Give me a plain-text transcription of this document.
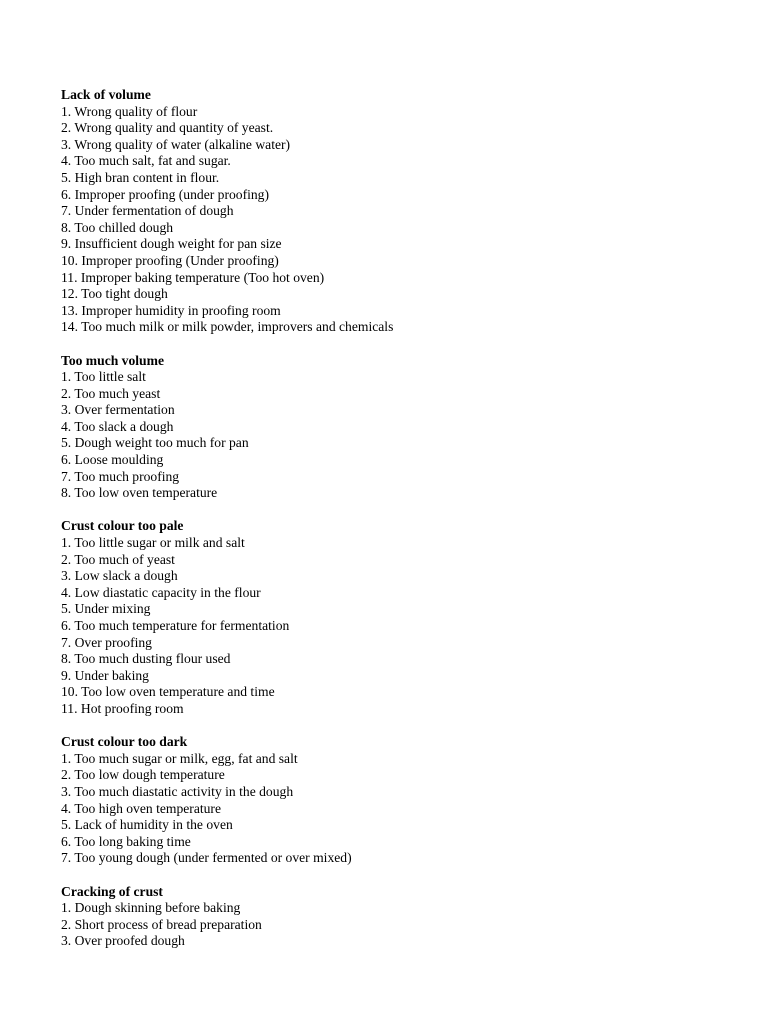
Lack of volume
1. Wrong quality of flour
2. Wrong quality and quantity of yeast.
3. Wrong quality of water (alkaline water)
4. Too much salt, fat and sugar.
5. High bran content in flour.
6. Improper proofing (under proofing)
7. Under fermentation of dough
8. Too chilled dough
9. Insufficient dough weight for pan size
10. Improper proofing (Under proofing)
11. Improper baking temperature (Too hot oven)
12. Too tight dough
13. Improper humidity in proofing room
14. Too much milk or milk powder, improvers and chemicals
Too much volume
1. Too little salt
2. Too much yeast
3. Over fermentation
4. Too slack a dough
5. Dough weight too much for pan
6. Loose moulding
7. Too much proofing
8. Too low oven temperature
Crust colour too pale
1. Too little sugar or milk and salt
2. Too much of yeast
3. Low slack a dough
4. Low diastatic capacity in the flour
5. Under mixing
6. Too much temperature for fermentation
7. Over proofing
8. Too much dusting flour used
9. Under baking
10. Too low oven temperature and time
11. Hot proofing room
Crust colour too dark
1. Too much sugar or milk, egg, fat and salt
2. Too low dough temperature
3. Too much diastatic activity in the dough
4. Too high oven temperature
5. Lack of humidity in the oven
6. Too long baking time
7. Too young dough (under fermented or over mixed)
Cracking of crust
1. Dough skinning before baking
2. Short process of bread preparation
3. Over proofed dough
